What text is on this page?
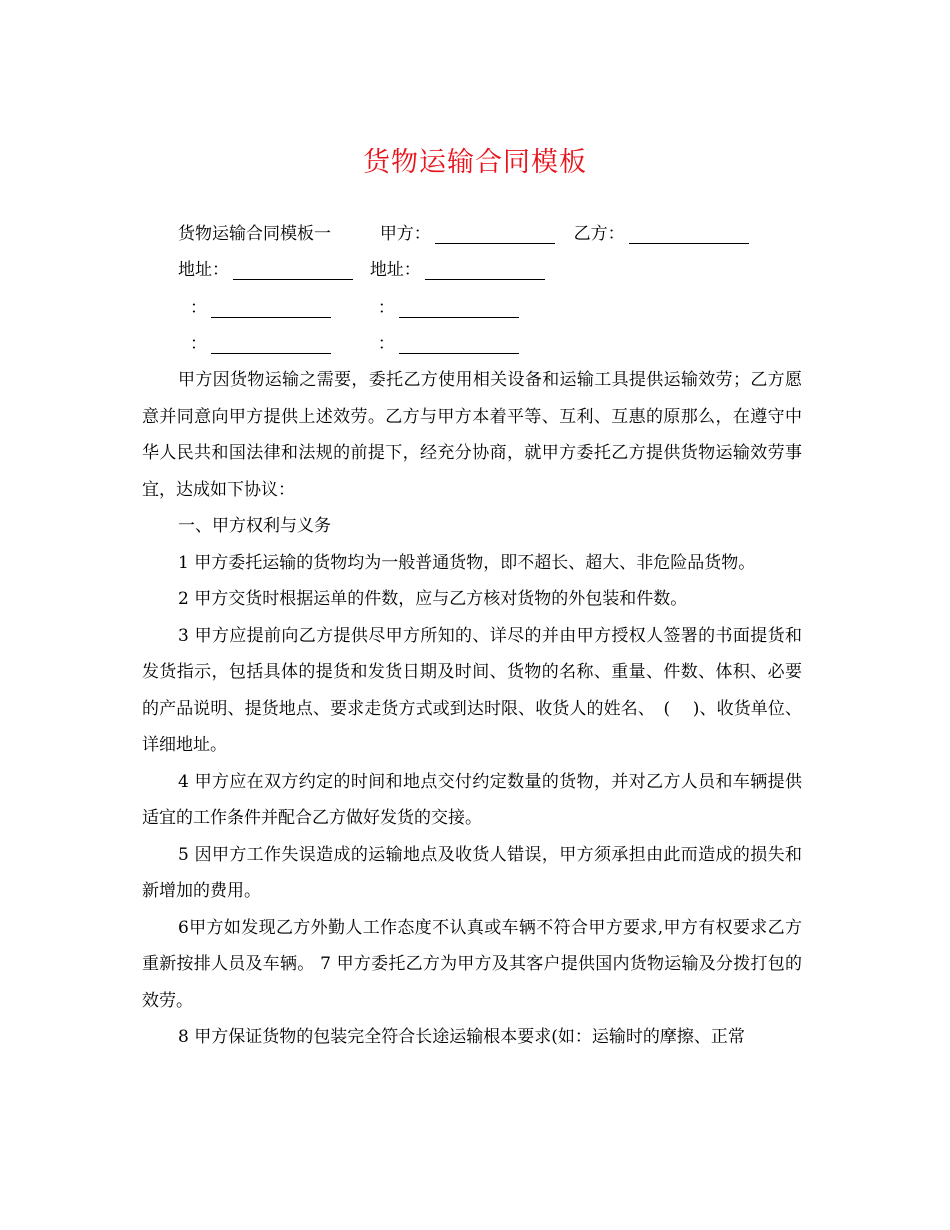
货物运输合同模板
货物运输合同模板一	甲方：	乙方：
地址：	地址：
：	：
：	：

甲方因货物运输之需要，委托乙方使用相关设备和运输工具提供运输效劳；乙方愿意并同意向甲方提供上述效劳。乙方与甲方本着平等、互利、互惠的原那么，在遵守中华人民共和国法律和法规的前提下，经充分协商，就甲方委托乙方提供货物运输效劳事宜，达成如下协议：

一、甲方权利与义务

1 甲方委托运输的货物均为一般普通货物，即不超长、超大、非危险品货物。

2 甲方交货时根据运单的件数，应与乙方核对货物的外包装和件数。

3 甲方应提前向乙方提供尽甲方所知的、详尽的并由甲方授权人签署的书面提货和发货指示，包括具体的提货和发货日期及时间、货物的名称、重量、件数、体积、必要的产品说明、提货地点、要求走货方式或到达时限、收货人的姓名、　( 　)、收货单位、详细地址。

4 甲方应在双方约定的时间和地点交付约定数量的货物，并对乙方人员和车辆提供适宜的工作条件并配合乙方做好发货的交接。

5 因甲方工作失误造成的运输地点及收货人错误，甲方须承担由此而造成的损失和新增加的费用。

6甲方如发现乙方外勤人工作态度不认真或车辆不符合甲方要求,甲方有权要求乙方重新按排人员及车辆。 7 甲方委托乙方为甲方及其客户提供国内货物运输及分拨打包的效劳。

8 甲方保证货物的包装完全符合长途运输根本要求(如：运输时的摩擦、正常
